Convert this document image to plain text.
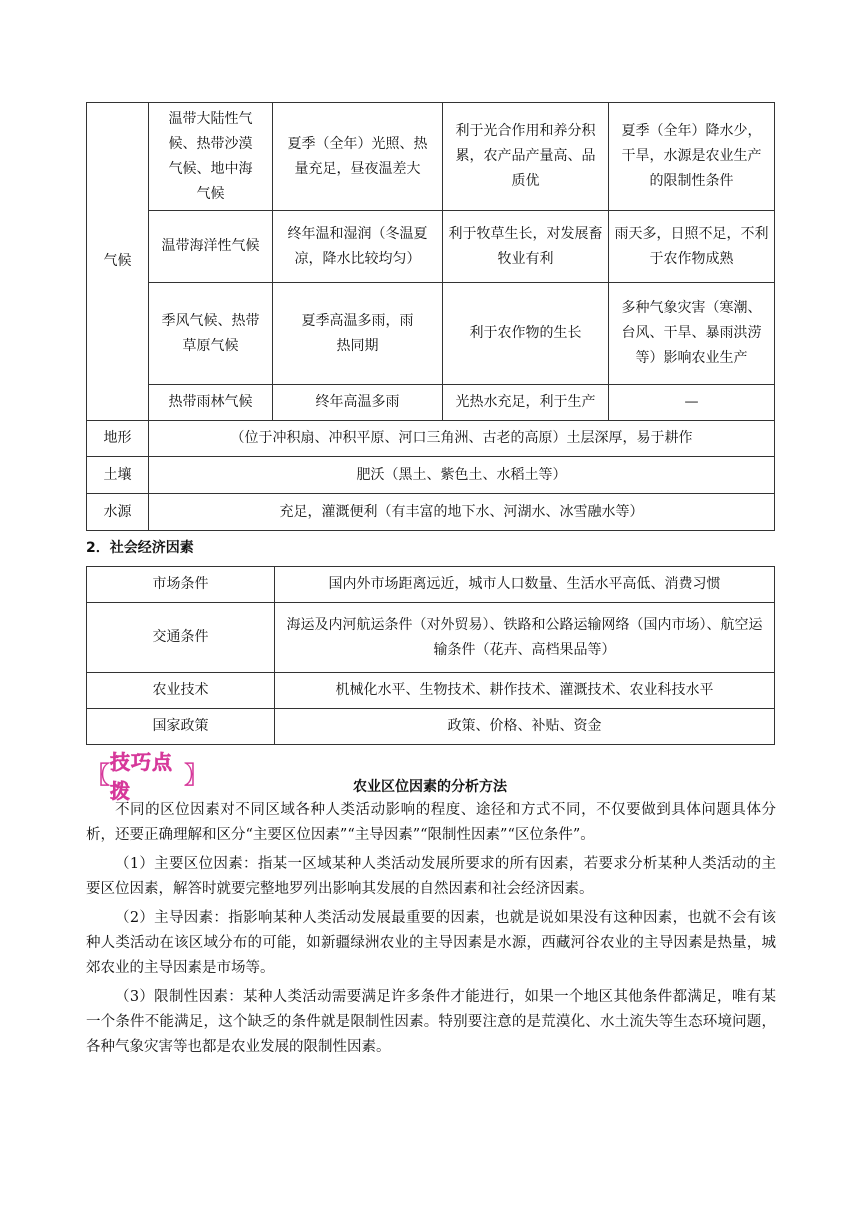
气候	温带大陆性气候、热带沙漠气候、地中海气候	夏季（全年）光照、热量充足，昼夜温差大	利于光合作用和养分积累，农产品产量高、品质优	夏季（全年）降水少，干旱，水源是农业生产的限制性条件
	温带海洋性气候	终年温和湿润（冬温夏凉，降水比较均匀）	利于牧草生长，对发展畜牧业有利	雨天多，日照不足，不利于农作物成熟
	季风气候、热带草原气候	夏季高温多雨，雨热同期	利于农作物的生长	多种气象灾害（寒潮、台风、干旱、暴雨洪涝等）影响农业生产
	热带雨林气候	终年高温多雨	光热水充足，利于生产	—
地形	（位于冲积扇、冲积平原、河口三角洲、古老的高原）土层深厚，易于耕作			
土壤	肥沃（黑土、紫色土、水稻土等）			
水源	充足，灌溉便利（有丰富的地下水、河湖水、冰雪融水等）			

2．社会经济因素

市场条件	国内外市场距离远近，城市人口数量、生活水平高低、消费习惯
交通条件	海运及内河航运条件（对外贸易）、铁路和公路运输网络（国内市场）、航空运输条件（花卉、高档果品等）
农业技术	机械化水平、生物技术、耕作技术、灌溉技术、农业科技水平
国家政策	政策、价格、补贴、资金
〖 技巧点拨
〗	农业区位因素的分析方法

不同的区位因素对不同区域各种人类活动影响的程度、途径和方式不同，不仅要做到具体问题具体分析，还要正确理解和区分“主要区位因素”“主导因素”“限制性因素”“区位条件”。

（1）主要区位因素：指某一区域某种人类活动发展所要求的所有因素，若要求分析某种人类活动的主要区位因素，解答时就要完整地罗列出影响其发展的自然因素和社会经济因素。

（2）主导因素：指影响某种人类活动发展最重要的因素，也就是说如果没有这种因素，也就不会有该种人类活动在该区域分布的可能，如新疆绿洲农业的主导因素是水源，西藏河谷农业的主导因素是热量，城郊农业的主导因素是市场等。

（3）限制性因素：某种人类活动需要满足许多条件才能进行，如果一个地区其他条件都满足，唯有某一个条件不能满足，这个缺乏的条件就是限制性因素。特别要注意的是荒漠化、水土流失等生态环境问题，各种气象灾害等也都是农业发展的限制性因素。
